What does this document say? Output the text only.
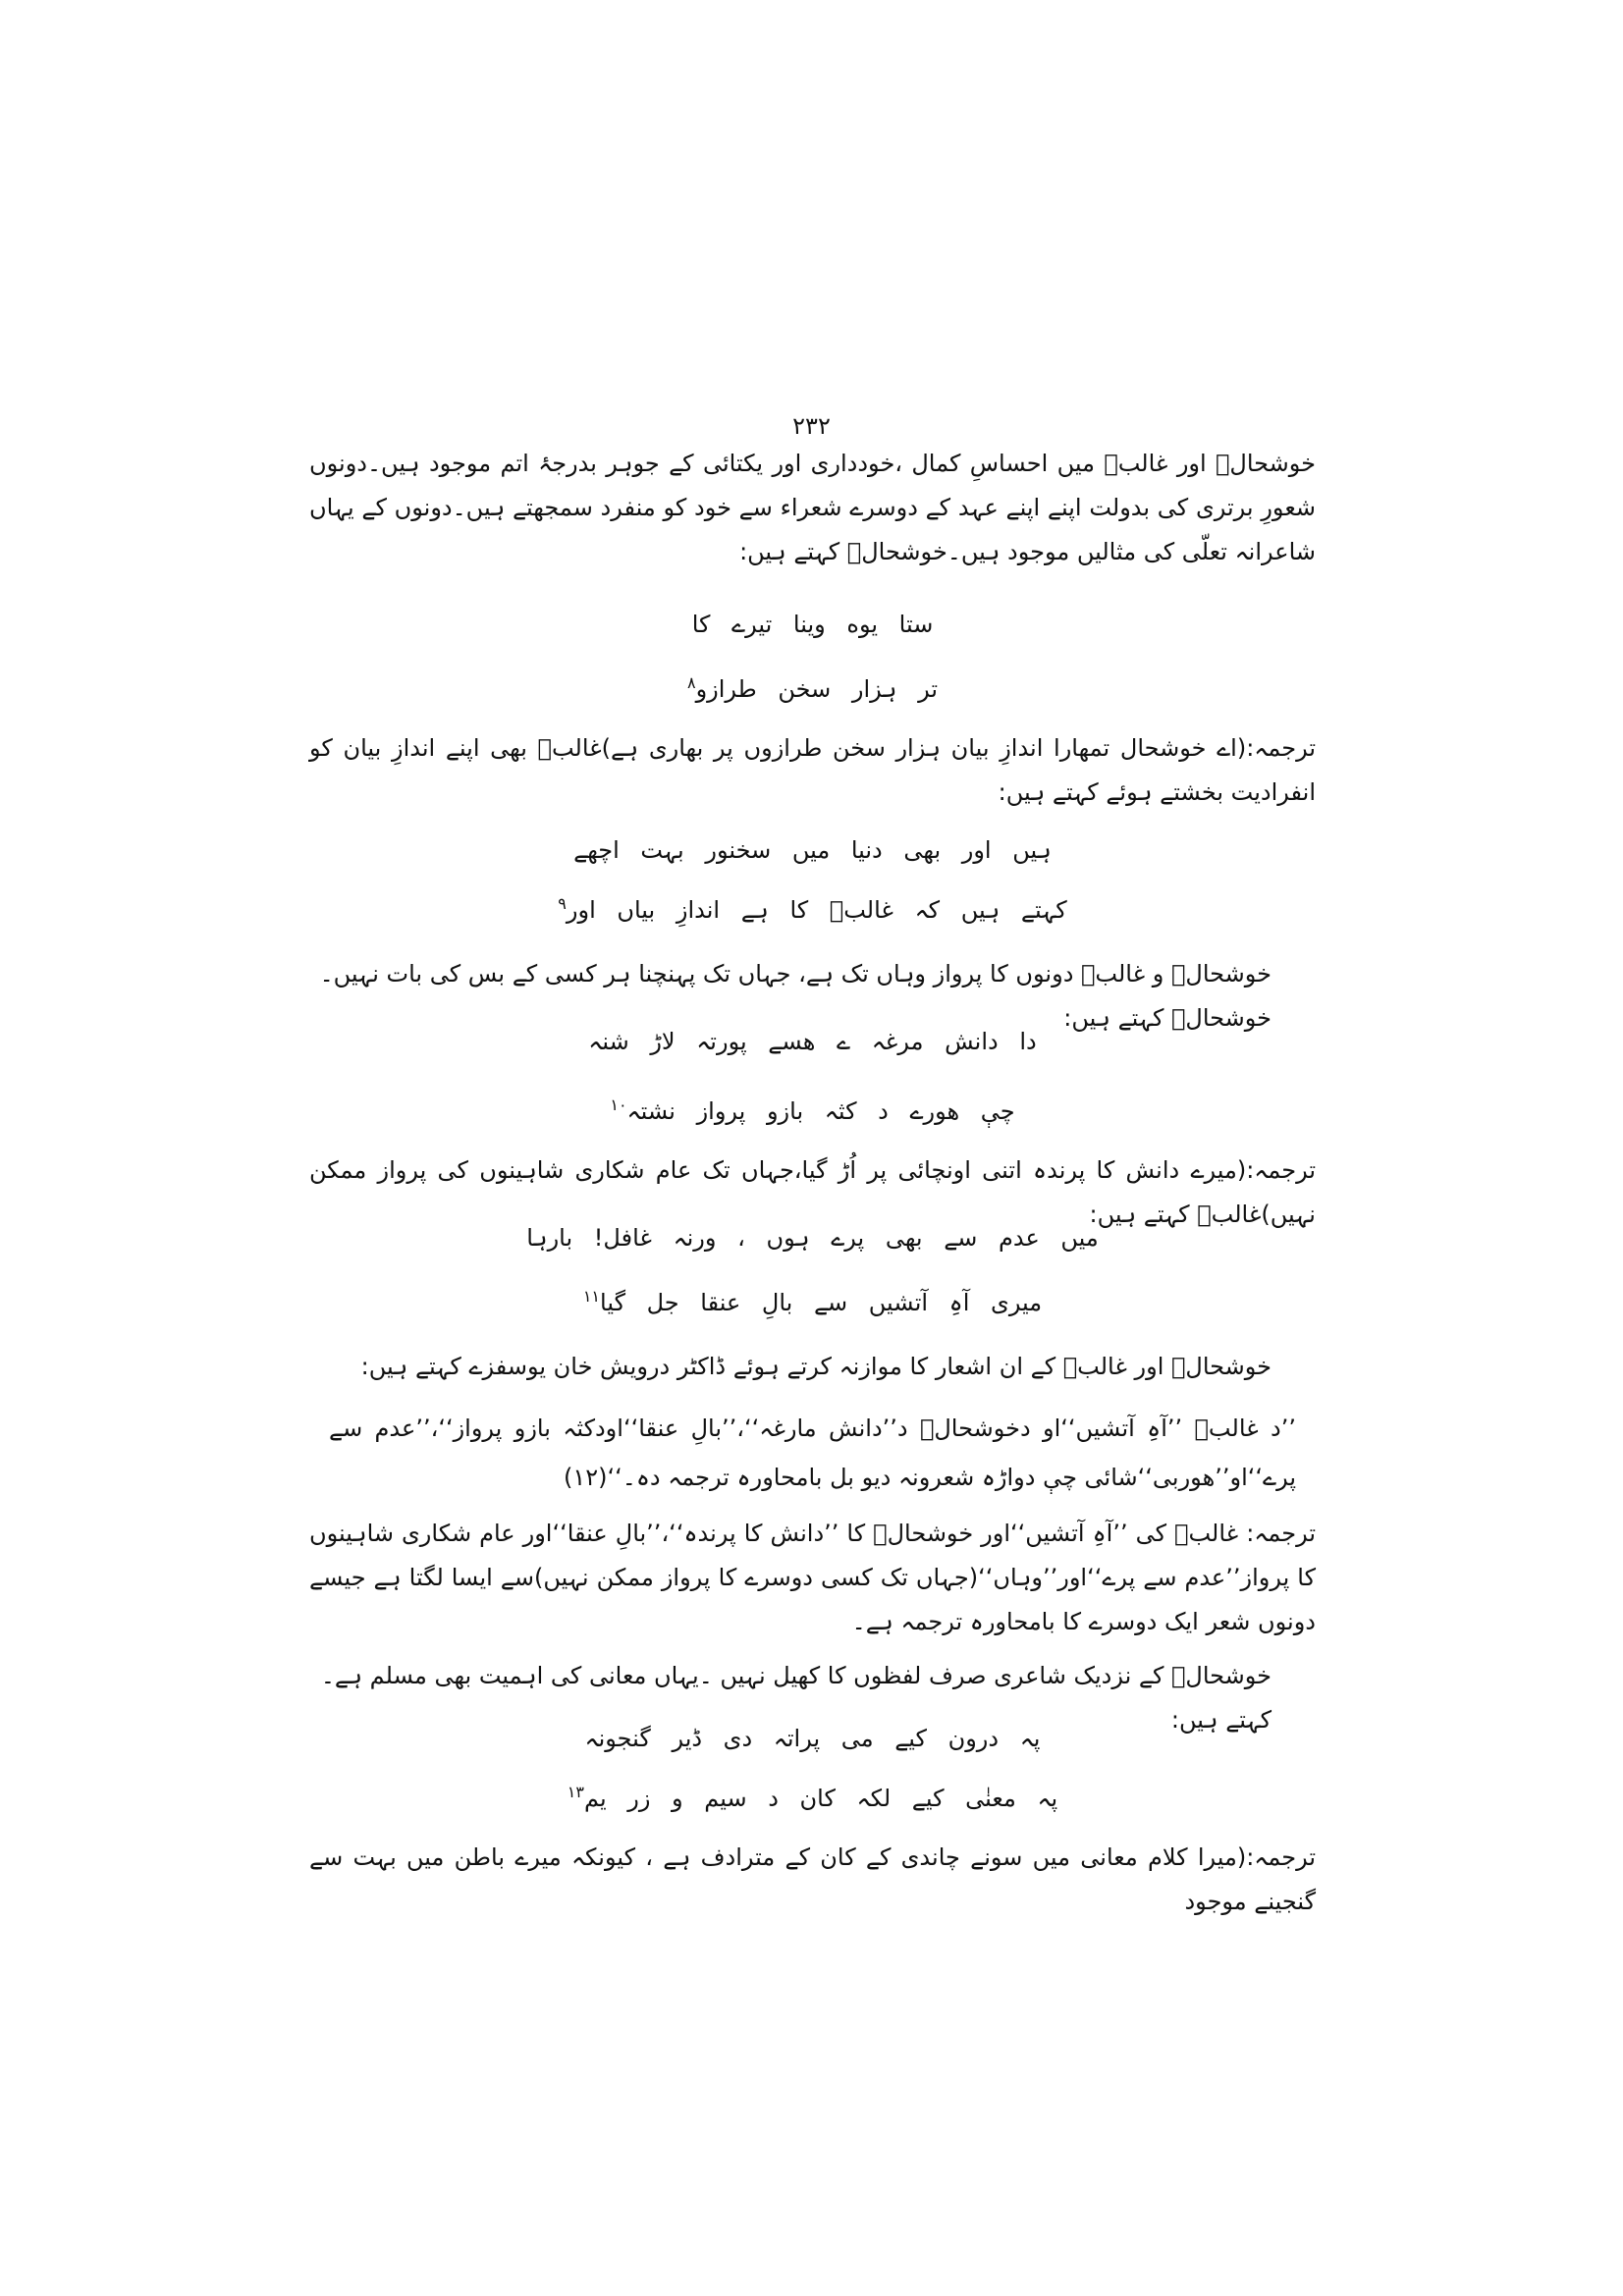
۲۳۲

خوشحالؔ اور غالبؔ میں احساسِ کمال ،خودداری اور یکتائی کے جوہر بدرجۂ اتم موجود ہیں۔دونوں شعورِ برتری کی بدولت اپنے اپنے عہد کے دوسرے شعراء سے خود کو منفرد سمجھتے ہیں۔دونوں کے یہاں شاعرانہ تعلّی کی مثالیں موجود ہیں۔خوشحالؔ کہتے ہیں:

ستا یوه وینا تیرے کا

تر ہزار سخن طرازو$^۸$

ترجمہ:(اے خوشحال تمھارا اندازِ بیان ہزار سخن طرازوں پر بھاری ہے)غالبؔ بھی اپنے اندازِ بیان کو انفرادیت بخشتے ہوئے کہتے ہیں:

ہیں اور بھی دنیا میں سخنور بہت اچھے

کہتے ہیں کہ غالبؔ کا ہے اندازِ بیاں اور$^۹$

خوشحالؔ و غالبؔ دونوں کا پرواز وہاں تک ہے، جہاں تک پہنچنا ہر کسی کے بس کی بات نہیں۔خوشحالؔ کہتے ہیں:

دا دانش مرغہ ے ھسے پورتہ لاڑ شنہ

چې ھورے د کثہ بازو پرواز نشتہ$^{۱۰}$

ترجمہ:(میرے دانش کا پرندہ اتنی اونچائی پر اُڑ گیا،جہاں تک عام شکاری شاہینوں کی پرواز ممکن نہیں)غالبؔ کہتے ہیں:

میں عدم سے بھی پرے ہوں ، ورنہ غافل! بارہا

میری آہِ آتشیں سے بالِ عنقا جل گیا$^{۱۱}$

خوشحالؔ اور غالبؔ کے ان اشعار کا موازنہ کرتے ہوئے ڈاکٹر درویش خان یوسفزے کہتے ہیں:

’’د غالبؔ ’’آہِ آتشیں‘‘او دخوشحالؔ د’’دانش مارغہ‘‘،’’بالِ عنقا‘‘اودکثہ بازو پرواز‘‘،’’عدم سے پرے‘‘او’’ھوربی‘‘شائی چې دواڑہ شعرونہ دیو بل بامحاورہ ترجمہ دہ۔‘‘(۱۲)

ترجمہ: غالبؔ کی ’’آہِ آتشیں‘‘اور خوشحالؔ کا ’’دانش کا پرندہ‘‘،’’بالِ عنقا‘‘اور عام شکاری شاہینوں کا پرواز’’عدم سے پرے‘‘اور’’وہاں‘‘(جہاں تک کسی دوسرے کا پرواز ممکن نہیں)سے ایسا لگتا ہے جیسے دونوں شعر ایک دوسرے کا بامحاورہ ترجمہ ہے۔

خوشحالؔ کے نزدیک شاعری صرف لفظوں کا کھیل نہیں ۔یہاں معانی کی اہمیت بھی مسلم ہے۔کہتے ہیں:

پہ درون کیے می پراتہ دی ڈیر گنجونہ

پہ معنٰی کیے لکہ کان د سیم و زر یم$^{۱۳}$

ترجمہ:(میرا کلام معانی میں سونے چاندی کے کان کے مترادف ہے ، کیونکہ میرے باطن میں بہت سے گنجینے موجود
